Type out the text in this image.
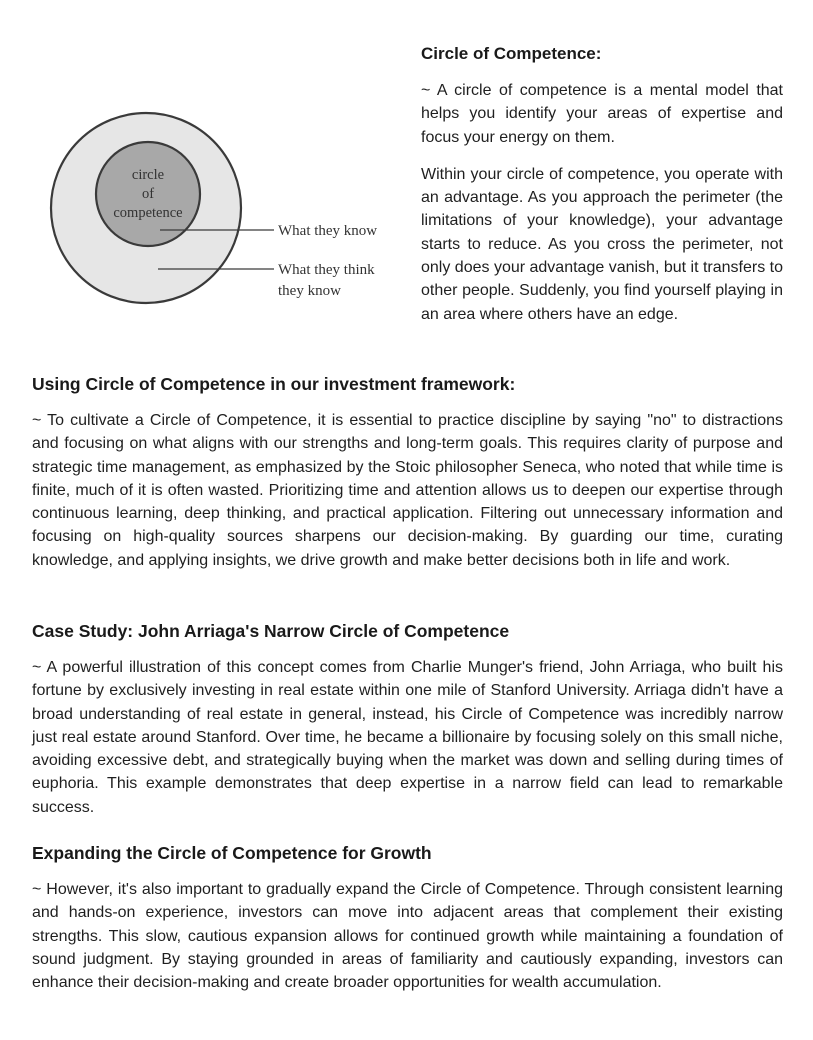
circle
of
competence
What they know
What they think
they know
Circle of Competence:

~ A circle of competence is a mental model that helps you identify your areas of expertise and focus your energy on them.

Within your circle of competence, you operate with an advantage. As you approach the perimeter (the limitations of your knowledge), your advantage starts to reduce. As you cross the perimeter, not only does your advantage vanish, but it transfers to other people. Suddenly, you find yourself playing in an area where others have an edge.

Using Circle of Competence in our investment framework:

~ To cultivate a Circle of Competence, it is essential to practice discipline by saying "no" to distractions and focusing on what aligns with our strengths and long-term goals. This requires clarity of purpose and strategic time management, as emphasized by the Stoic philosopher Seneca, who noted that while time is finite, much of it is often wasted. Prioritizing time and attention allows us to deepen our expertise through continuous learning, deep thinking, and practical application. Filtering out unnecessary information and focusing on high-quality sources sharpens our decision-making. By guarding our time, curating knowledge, and applying insights, we drive growth and make better decisions both in life and work.

Case Study: John Arriaga's Narrow Circle of Competence

~ A powerful illustration of this concept comes from Charlie Munger's friend, John Arriaga, who built his fortune by exclusively investing in real estate within one mile of Stanford University. Arriaga didn't have a broad understanding of real estate in general, instead, his Circle of Competence was incredibly narrow just real estate around Stanford. Over time, he became a billionaire by focusing solely on this small niche, avoiding excessive debt, and strategically buying when the market was down and selling during times of euphoria. This example demonstrates that deep expertise in a narrow field can lead to remarkable success.

Expanding the Circle of Competence for Growth

~ However, it's also important to gradually expand the Circle of Competence. Through consistent learning and hands-on experience, investors can move into adjacent areas that complement their existing strengths. This slow, cautious expansion allows for continued growth while maintaining a foundation of sound judgment. By staying grounded in areas of familiarity and cautiously expanding, investors can enhance their decision-making and create broader opportunities for wealth accumulation.
